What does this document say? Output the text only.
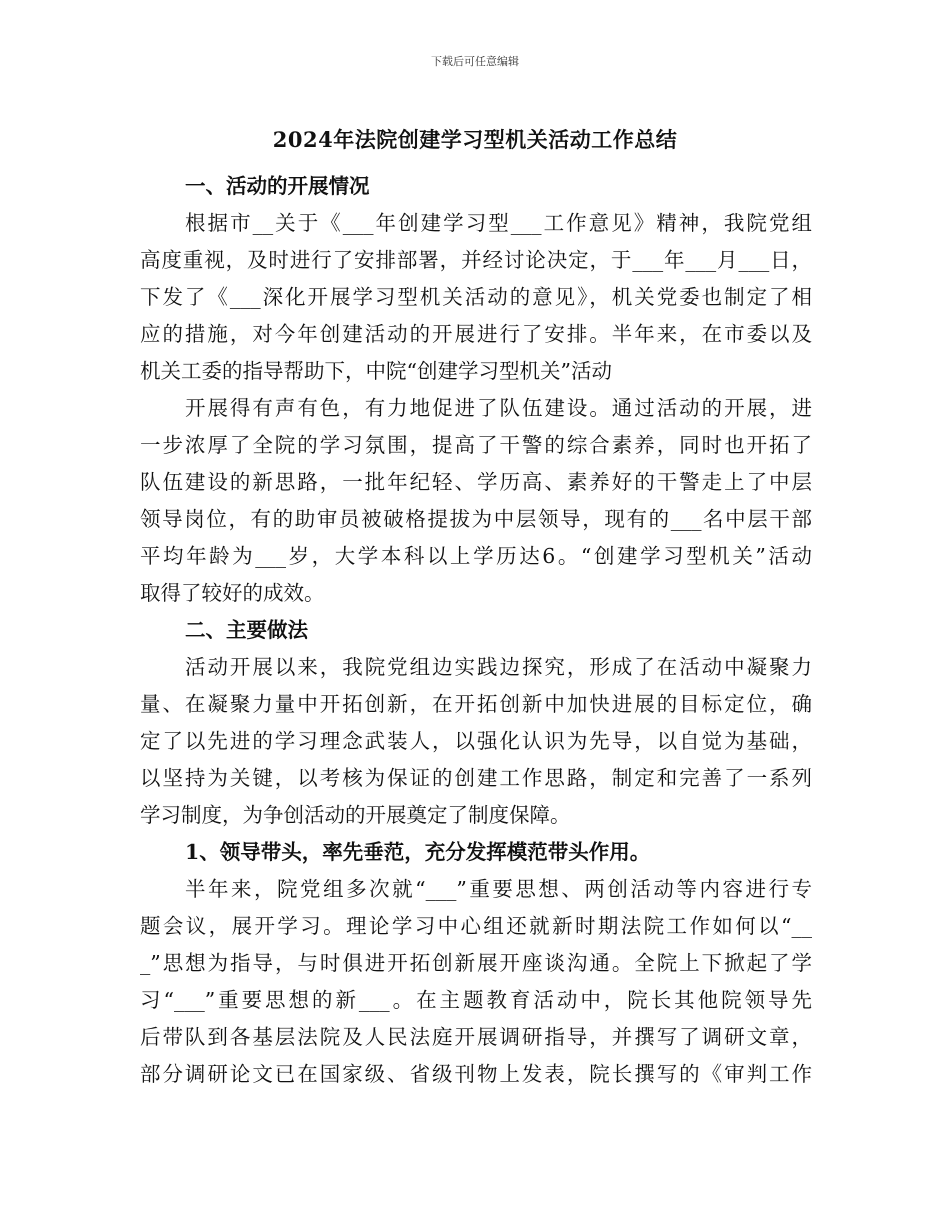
下载后可任意编辑
2024年法院创建学习型机关活动工作总结
一、活动的开展情况
根据市__关于《___年创建学习型___工作意见》精神，我院党组
高度重视，及时进行了安排部署，并经讨论决定，于___年___月___日，
下发了《___深化开展学习型机关活动的意见》，机关党委也制定了相
应的措施，对今年创建活动的开展进行了安排。半年来，在市委以及
机关工委的指导帮助下，中院“创建学习型机关”活动
开展得有声有色，有力地促进了队伍建设。通过活动的开展，进
一步浓厚了全院的学习氛围，提高了干警的综合素养，同时也开拓了
队伍建设的新思路，一批年纪轻、学历高、素养好的干警走上了中层
领导岗位，有的助审员被破格提拔为中层领导，现有的___名中层干部
平均年龄为___岁，大学本科以上学历达6。“创建学习型机关”活动
取得了较好的成效。
二、主要做法
活动开展以来，我院党组边实践边探究，形成了在活动中凝聚力
量、在凝聚力量中开拓创新，在开拓创新中加快进展的目标定位，确
定了以先进的学习理念武装人，以强化认识为先导，以自觉为基础，
以坚持为关键，以考核为保证的创建工作思路，制定和完善了一系列
学习制度，为争创活动的开展奠定了制度保障。
1、领导带头，率先垂范，充分发挥模范带头作用。
半年来，院党组多次就“___”重要思想、两创活动等内容进行专
题会议，展开学习。理论学习中心组还就新时期法院工作如何以“__
_”思想为指导，与时俱进开拓创新展开座谈沟通。全院上下掀起了学
习“___”重要思想的新___。在主题教育活动中，院长其他院领导先
后带队到各基层法院及人民法庭开展调研指导，并撰写了调研文章，
部分调研论文已在国家级、省级刊物上发表，院长撰写的《审判工作
